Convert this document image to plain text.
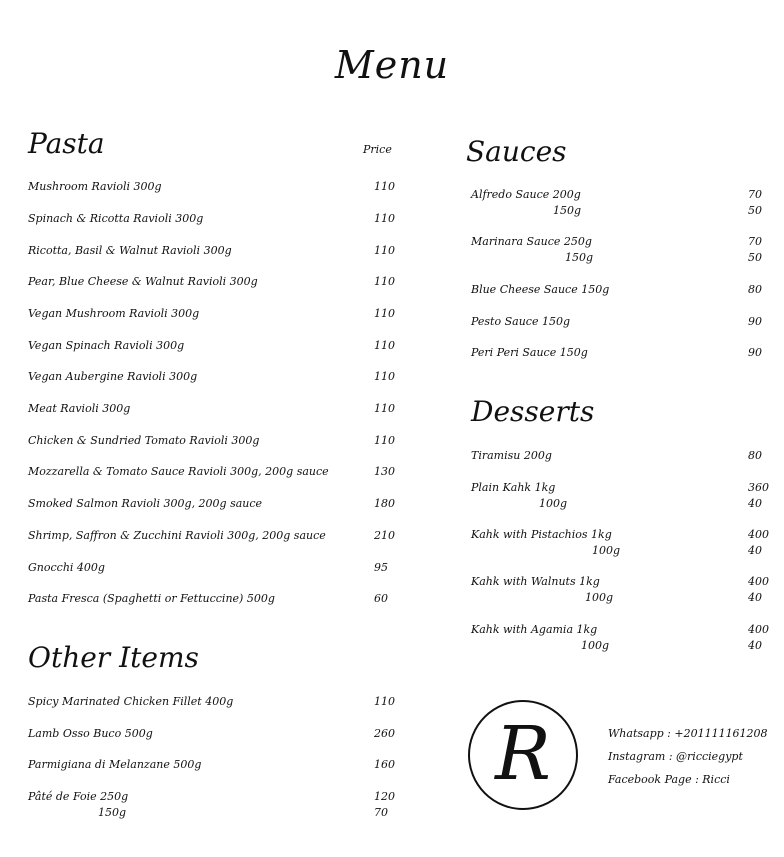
Menu
Pasta	Price
Mushroom Ravioli 300g	110
Spinach & Ricotta Ravioli 300g	110
Ricotta, Basil & Walnut Ravioli 300g	110
Pear, Blue Cheese & Walnut Ravioli 300g	110
Vegan Mushroom Ravioli 300g	110
Vegan Spinach Ravioli 300g	110
Vegan Aubergine Ravioli 300g	110
Meat Ravioli 300g	110
Chicken & Sundried Tomato Ravioli 300g	110
Mozzarella & Tomato Sauce Ravioli 300g, 200g sauce	130
Smoked Salmon Ravioli 300g, 200g sauce	180
Shrimp, Saffron & Zucchini Ravioli 300g, 200g sauce	210
Gnocchi 400g	95
Pasta Fresca (Spaghetti or Fettuccine) 500g	60
Other Items
Spicy Marinated Chicken Fillet 400g	110
Lamb Osso Buco 500g	260
Parmigiana di Melanzane 500g	160
Pâté de Foie 250g	120
150g	70
Sauces
Alfredo Sauce 200g	70
150g	50
Marinara Sauce 250g	70
150g	50
Blue Cheese Sauce 150g	80
Pesto Sauce 150g	90
Peri Peri Sauce 150g	90
Desserts
Tiramisu 200g	80
Plain Kahk 1kg	360
100g	40
Kahk with Pistachios 1kg	400
100g	40
Kahk with Walnuts 1kg	400
100g	40
Kahk with Agamia 1kg	400
100g	40
R	Whatsapp : +201111161208
Instagram : @ricciegypt
Facebook Page : Ricci
